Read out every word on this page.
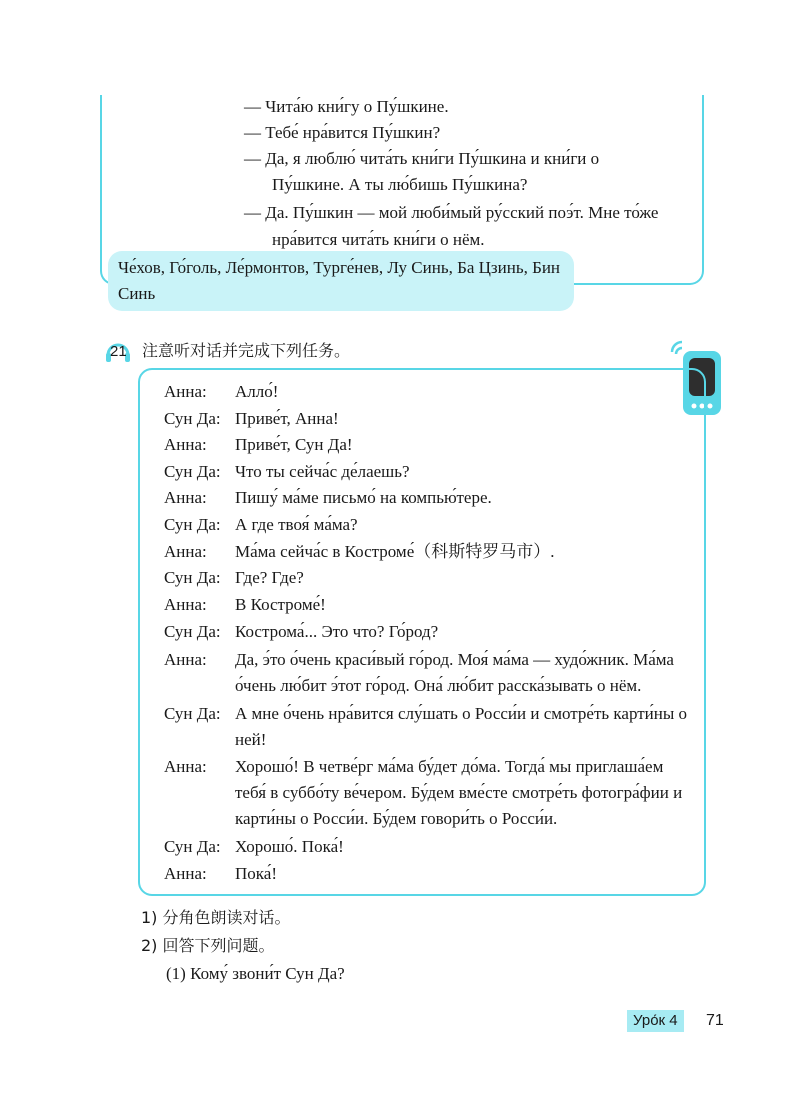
— Чита́ю кни́гу о Пу́шкине.
— Тебе́ нра́вится Пу́шкин?
— Да, я люблю́ чита́ть кни́ги Пу́шкина и кни́ги о
Пу́шкине. А ты лю́бишь Пу́шкина?
— Да. Пу́шкин — мой люби́мый ру́сский поэ́т. Мне то́же
нра́вится чита́ть кни́ги о нём.
Че́хов, Го́голь, Ле́рмонтов, Турге́нев, Лу Синь, Ба Цзинь, Бин Синь
21 注意听对话并完成下列任务。
Анна: Алло́!
Сун Да: Приве́т, Анна!
Анна: Приве́т, Сун Да!
Сун Да: Что ты сейча́с де́лаешь?
Анна: Пишу́ ма́ме письмо́ на компью́тере.
Сун Да: А где твоя́ ма́ма?
Анна: Ма́ма сейча́с в Костроме́（科斯特罗马市）.
Сун Да: Где? Где?
Анна: В Костроме́!
Сун Да: Кострома́... Это что? Го́род?
Анна: Да, э́то о́чень краси́вый го́род. Моя́ ма́ма — худо́жник. Ма́ма о́чень лю́бит э́тот го́род. Она́ лю́бит расска́зывать о нём.
Сун Да: А мне о́чень нра́вится слу́шать о Росси́и и смотре́ть карти́ны о ней!
Анна: Хорошо́! В четве́рг ма́ма бу́дет до́ма. Тогда́ мы приглаша́ем тебя́ в суббо́ту ве́чером. Бу́дем вме́сте смотре́ть фотогра́фии и карти́ны о Росси́и. Бу́дем говори́ть о Росси́и.
Сун Да: Хорошо́. Пока́!
Анна: Пока́!
1) 分角色朗读对话。
2) 回答下列问题。
(1) Кому́ звони́т Сун Да?
Уро́к 4	71
